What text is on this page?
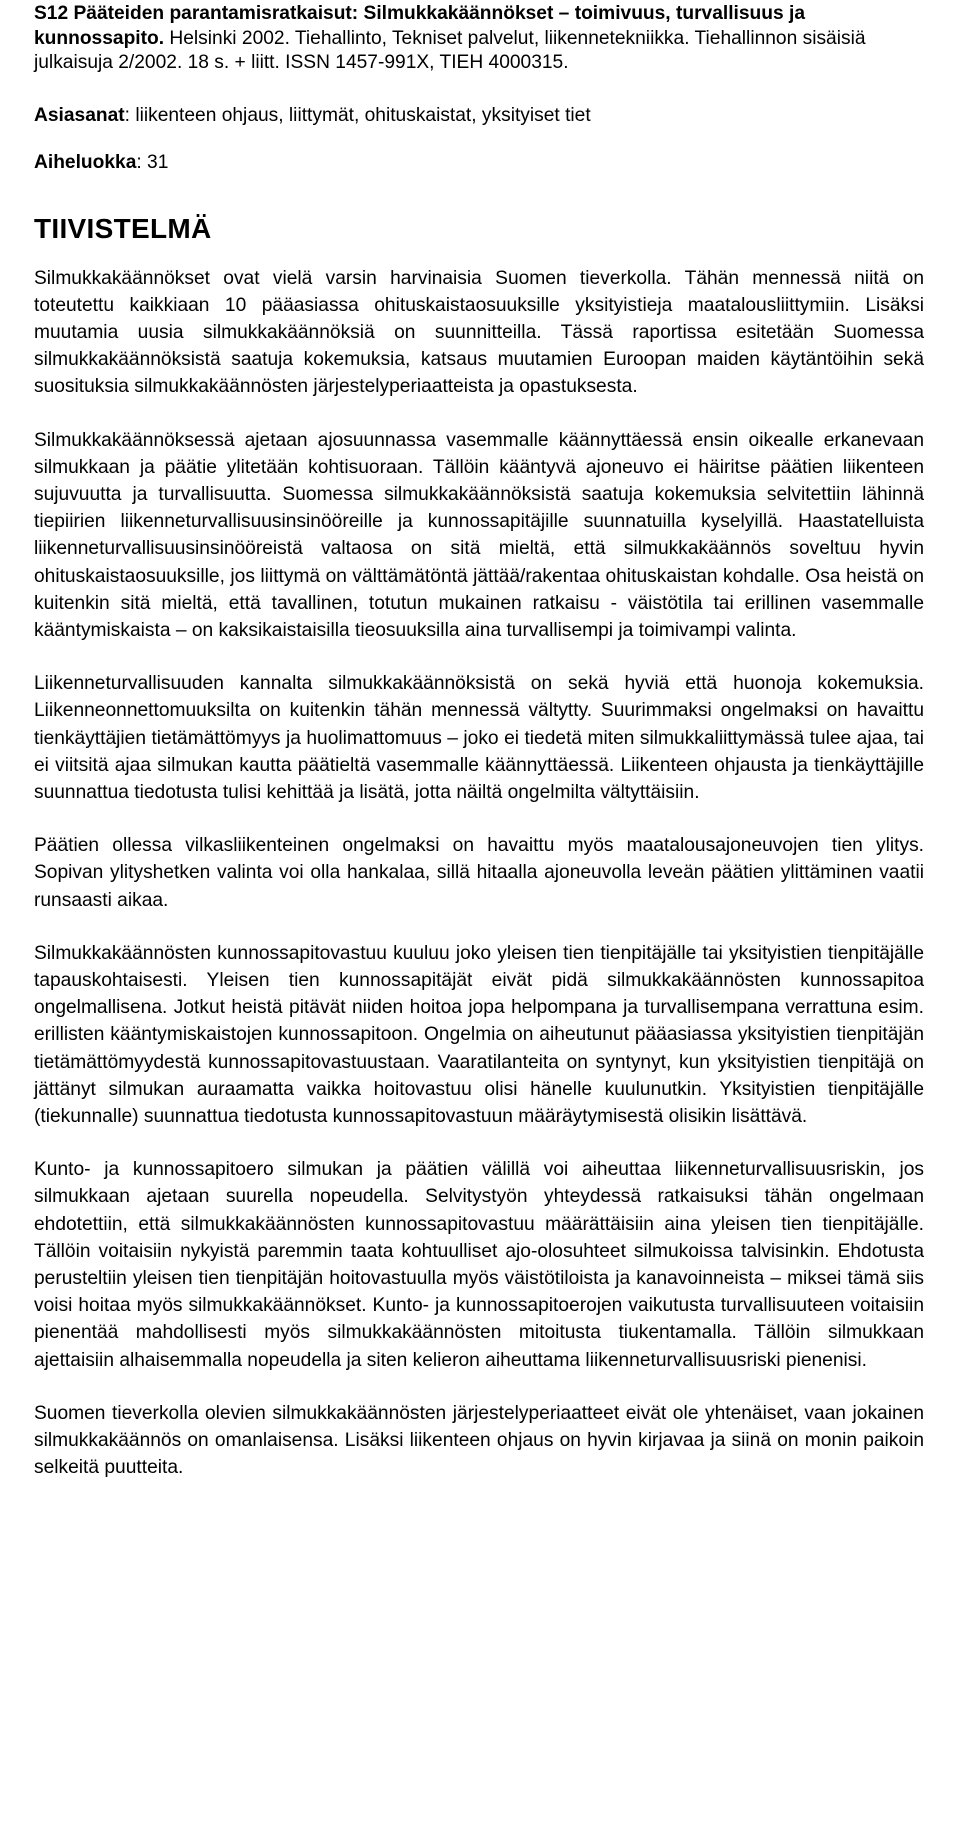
S12 Pääteiden parantamisratkaisut: Silmukkakäännökset – toimivuus, turvallisuus ja kunnossapito. Helsinki 2002. Tiehallinto, Tekniset palvelut, liikennetekniikka. Tiehallinnon sisäisiä julkaisuja 2/2002. 18 s. + liitt. ISSN 1457-991X, TIEH 4000315.
Asiasanat: liikenteen ohjaus, liittymät, ohituskaistat, yksityiset tiet
Aiheluokka: 31
TIIVISTELMÄ

Silmukkakäännökset ovat vielä varsin harvinaisia Suomen tieverkolla. Tähän mennessä niitä on toteutettu kaikkiaan 10 pääasiassa ohituskaistaosuuksille yksityistieja maatalousliittymiin. Lisäksi muutamia uusia silmukkakäännöksiä on suunnitteilla. Tässä raportissa esitetään Suomessa silmukkakäännöksistä saatuja kokemuksia, katsaus muutamien Euroopan maiden käytäntöihin sekä suosituksia silmukkakäännösten järjestelyperiaatteista ja opastuksesta.

Silmukkakäännöksessä ajetaan ajosuunnassa vasemmalle käännyttäessä ensin oikealle erkanevaan silmukkaan ja päätie ylitetään kohtisuoraan. Tällöin kääntyvä ajoneuvo ei häiritse päätien liikenteen sujuvuutta ja turvallisuutta. Suomessa silmukkakäännöksistä saatuja kokemuksia selvitettiin lähinnä tiepiirien liikenneturvallisuusinsinööreille ja kunnossapitäjille suunnatuilla kyselyillä. Haastatelluista liikenneturvallisuusinsinööreistä valtaosa on sitä mieltä, että silmukkakäännös soveltuu hyvin ohituskaistaosuuksille, jos liittymä on välttämätöntä jättää/rakentaa ohituskaistan kohdalle. Osa heistä on kuitenkin sitä mieltä, että tavallinen, totutun mukainen ratkaisu - väistötila tai erillinen vasemmalle kääntymiskaista – on kaksikaistaisilla tieosuuksilla aina turvallisempi ja toimivampi valinta.

Liikenneturvallisuuden kannalta silmukkakäännöksistä on sekä hyviä että huonoja kokemuksia. Liikenneonnettomuuksilta on kuitenkin tähän mennessä vältytty. Suurimmaksi ongelmaksi on havaittu tienkäyttäjien tietämättömyys ja huolimattomuus – joko ei tiedetä miten silmukkaliittymässä tulee ajaa, tai ei viitsitä ajaa silmukan kautta päätieltä vasemmalle käännyttäessä. Liikenteen ohjausta ja tienkäyttäjille suunnattua tiedotusta tulisi kehittää ja lisätä, jotta näiltä ongelmilta vältyttäisiin.

Päätien ollessa vilkasliikenteinen ongelmaksi on havaittu myös maatalousajoneuvojen tien ylitys. Sopivan ylityshetken valinta voi olla hankalaa, sillä hitaalla ajoneuvolla leveän päätien ylittäminen vaatii runsaasti aikaa.

Silmukkakäännösten kunnossapitovastuu kuuluu joko yleisen tien tienpitäjälle tai yksityistien tienpitäjälle tapauskohtaisesti. Yleisen tien kunnossapitäjät eivät pidä silmukkakäännösten kunnossapitoa ongelmallisena. Jotkut heistä pitävät niiden hoitoa jopa helpompana ja turvallisempana verrattuna esim. erillisten kääntymiskaistojen kunnossapitoon. Ongelmia on aiheutunut pääasiassa yksityistien tienpitäjän tietämättömyydestä kunnossapitovastuustaan. Vaaratilanteita on syntynyt, kun yksityistien tienpitäjä on jättänyt silmukan auraamatta vaikka hoitovastuu olisi hänelle kuulunutkin. Yksityistien tienpitäjälle (tiekunnalle) suunnattua tiedotusta kunnossapitovastuun määräytymisestä olisikin lisättävä.

Kunto- ja kunnossapitoero silmukan ja päätien välillä voi aiheuttaa liikenneturvallisuusriskin, jos silmukkaan ajetaan suurella nopeudella. Selvitystyön yhteydessä ratkaisuksi tähän ongelmaan ehdotettiin, että silmukkakäännösten kunnossapitovastuu määrättäisiin aina yleisen tien tienpitäjälle. Tällöin voitaisiin nykyistä paremmin taata kohtuulliset ajo-olosuhteet silmukoissa talvisinkin. Ehdotusta perusteltiin yleisen tien tienpitäjän hoitovastuulla myös väistötiloista ja kanavoinneista – miksei tämä siis voisi hoitaa myös silmukkakäännökset. Kunto- ja kunnossapitoerojen vaikutusta turvallisuuteen voitaisiin pienentää mahdollisesti myös silmukkakäännösten mitoitusta tiukentamalla. Tällöin silmukkaan ajettaisiin alhaisemmalla nopeudella ja siten kelieron aiheuttama liikenneturvallisuusriski pienenisi.

Suomen tieverkolla olevien silmukkakäännösten järjestelyperiaatteet eivät ole yhtenäiset, vaan jokainen silmukkakäännös on omanlaisensa. Lisäksi liikenteen ohjaus on hyvin kirjavaa ja siinä on monin paikoin selkeitä puutteita.
